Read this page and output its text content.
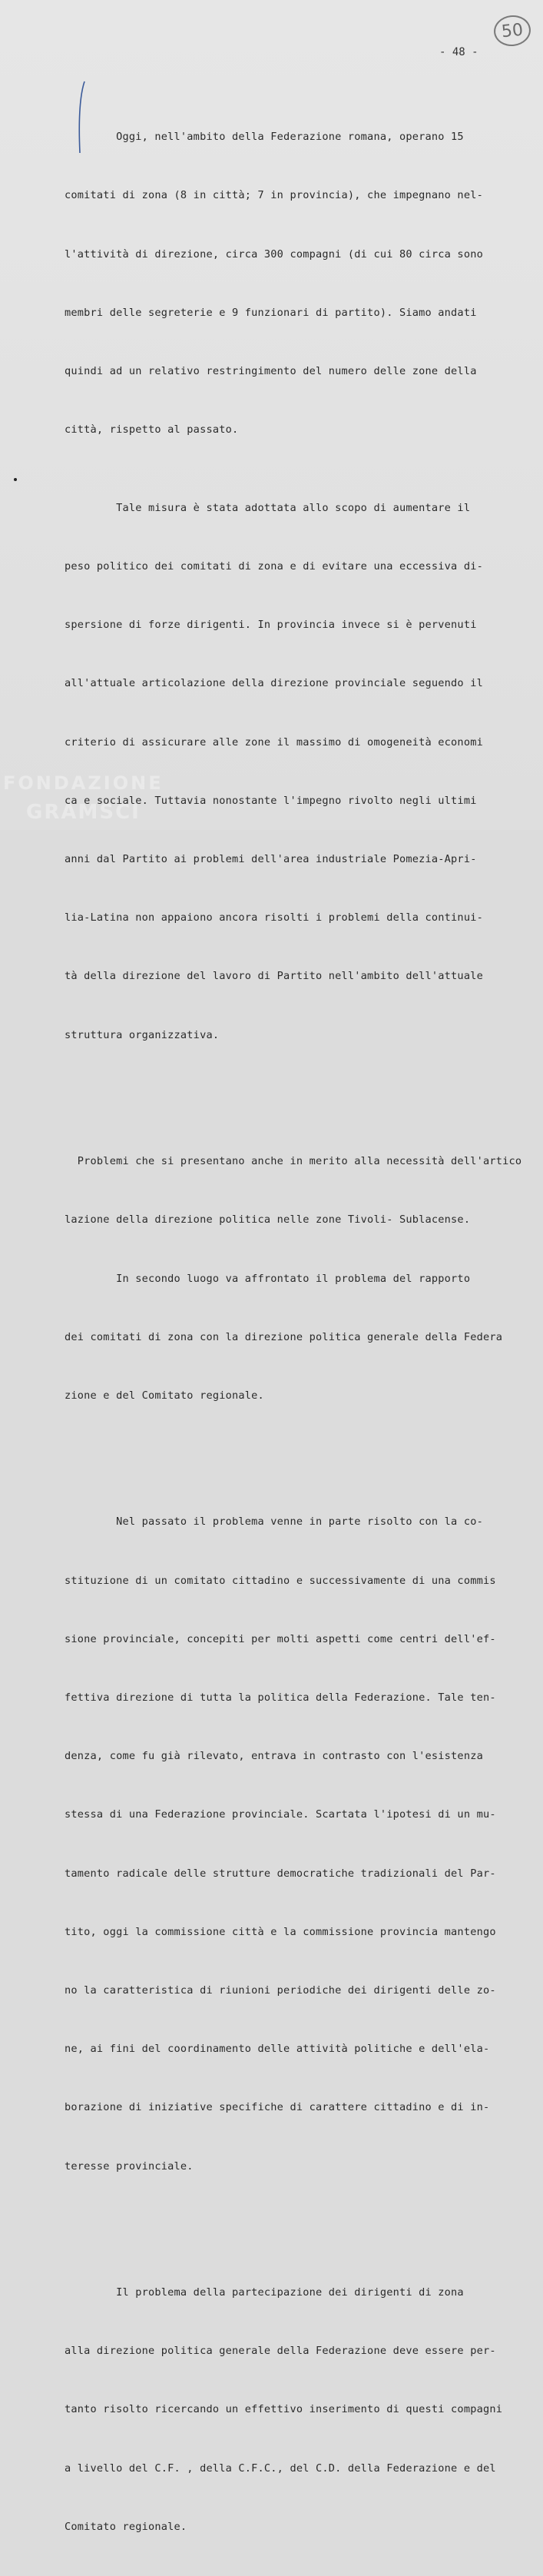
50
- 48 -

Oggi, nell'ambito della Federazione romana, operano 15

comitati di zona (8 in città; 7 in provincia), che impegnano nel-

l'attività di direzione, circa 300 compagni (di cui 80 circa sono

membri delle segreterie e 9 funzionari di partito). Siamo andati

quindi ad un relativo restringimento del numero delle zone della

città, rispetto al passato.

Tale misura è stata adottata allo scopo di aumentare il

peso politico dei comitati di zona e di evitare una eccessiva di-

spersione di forze dirigenti. In provincia invece si è pervenuti

all'attuale articolazione della direzione provinciale seguendo il

criterio di assicurare alle zone il massimo di omogeneità economi

ca e sociale. Tuttavia nonostante l'impegno rivolto negli ultimi

anni dal Partito ai problemi dell'area industriale Pomezia-Apri-

lia-Latina non appaiono ancora risolti i problemi della continui-

tà della direzione del lavoro di Partito nell'ambito dell'attuale

struttura organizzativa.

Problemi che si presentano anche in merito alla necessità dell'artico

lazione della direzione politica nelle zone Tivoli- Sublacense.

In secondo luogo va affrontato il problema del rapporto

dei comitati di zona con la direzione politica generale della Federa

zione e del Comitato regionale.

Nel passato il problema venne in parte risolto con la co-

stituzione di un comitato cittadino e successivamente di una commis

sione provinciale, concepiti per molti aspetti come centri dell'ef-

fettiva direzione di tutta la politica della Federazione. Tale ten-

denza, come fu già rilevato, entrava in contrasto con l'esistenza

stessa di una Federazione provinciale. Scartata l'ipotesi di un mu-

tamento radicale delle strutture democratiche tradizionali del Par-

tito, oggi la commissione città e la commissione provincia mantengo

no la caratteristica di riunioni periodiche dei dirigenti delle zo-

ne, ai fini del coordinamento delle attività politiche e dell'ela-

borazione di iniziative specifiche di carattere cittadino e di in-

teresse provinciale.

Il problema della partecipazione dei dirigenti di zona

alla direzione politica generale della Federazione deve essere per-

tanto risolto ricercando un effettivo inserimento di questi compagni

a livello del C.F. , della C.F.C., del C.D. della Federazione e del

Comitato regionale.

FONDAZIONE
GRAMSCI
